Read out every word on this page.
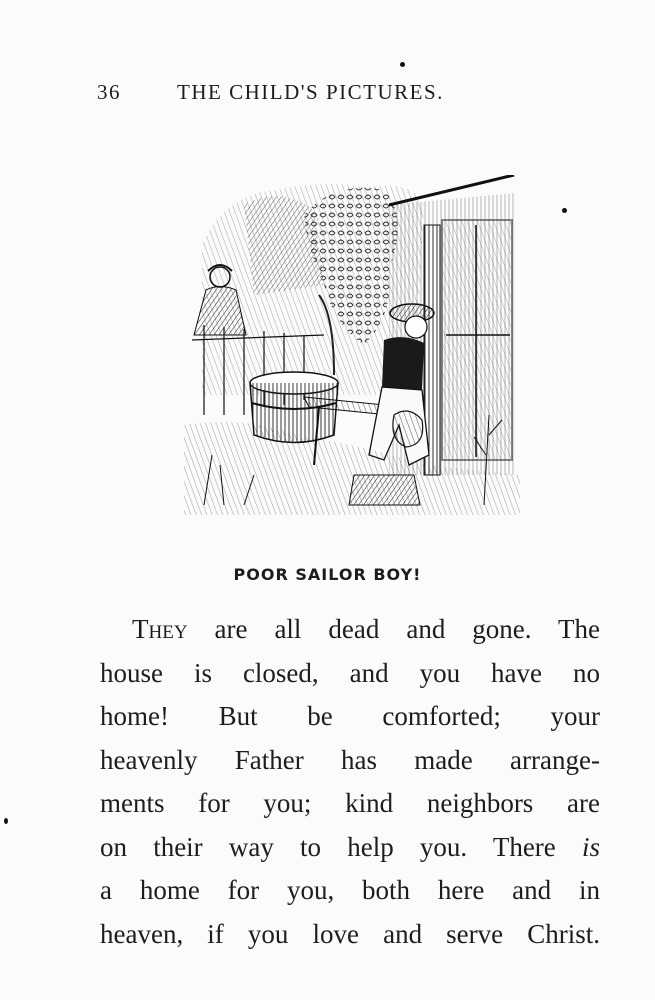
36	THE CHILD'S PICTURES.
POOR SAILOR BOY!
They are all dead and gone. The
house is closed, and you have no
home! But be comforted; your
heavenly Father has made arrange-
ments for you; kind neighbors are
on their way to help you. There is
a home for you, both here and in
heaven, if you love and serve Christ.
